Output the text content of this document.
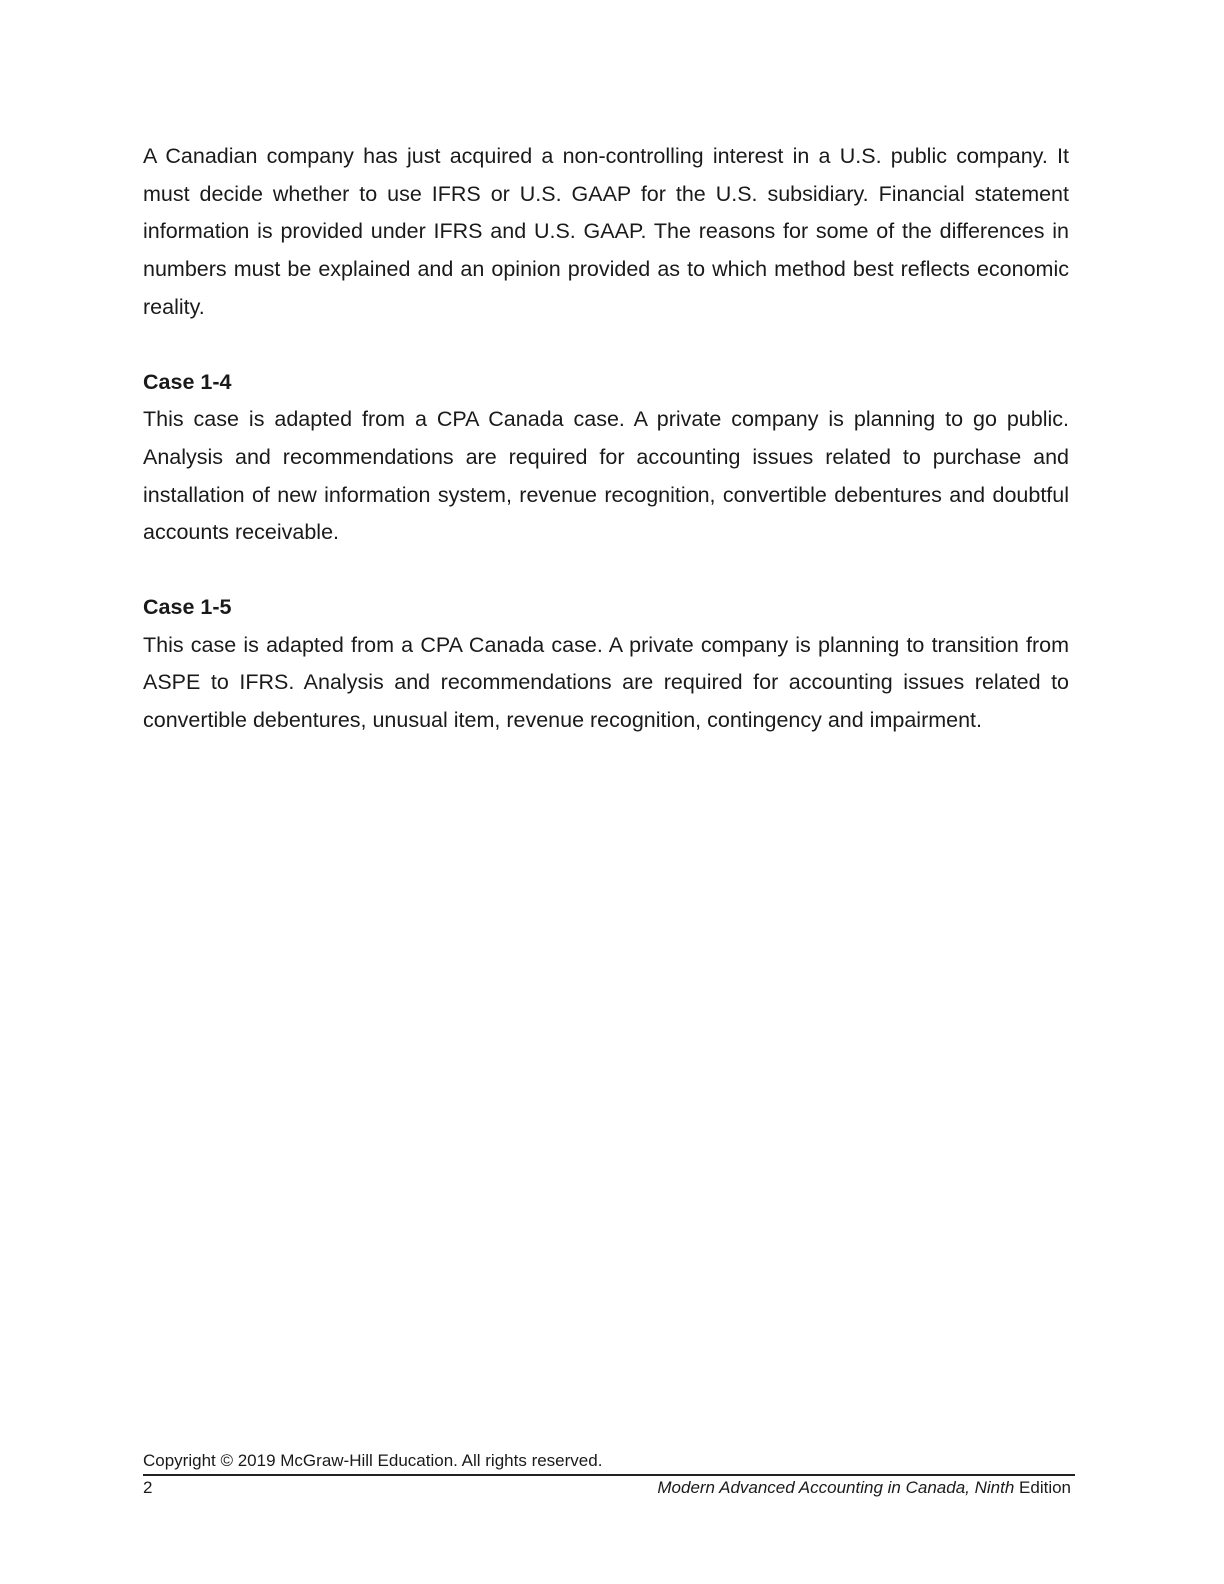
A Canadian company has just acquired a non-controlling interest in a U.S. public company. It must decide whether to use IFRS or U.S. GAAP for the U.S. subsidiary. Financial statement information is provided under IFRS and U.S. GAAP. The reasons for some of the differences in numbers must be explained and an opinion provided as to which method best reflects economic reality.

Case 1-4

This case is adapted from a CPA Canada case. A private company is planning to go public. Analysis and recommendations are required for accounting issues related to purchase and installation of new information system, revenue recognition, convertible debentures and doubtful accounts receivable.

Case 1-5

This case is adapted from a CPA Canada case. A private company is planning to transition from ASPE to IFRS. Analysis and recommendations are required for accounting issues related to convertible debentures, unusual item, revenue recognition, contingency and impairment.

Copyright © 2019 McGraw-Hill Education. All rights reserved.
2	Modern Advanced Accounting in Canada, Ninth Edition
